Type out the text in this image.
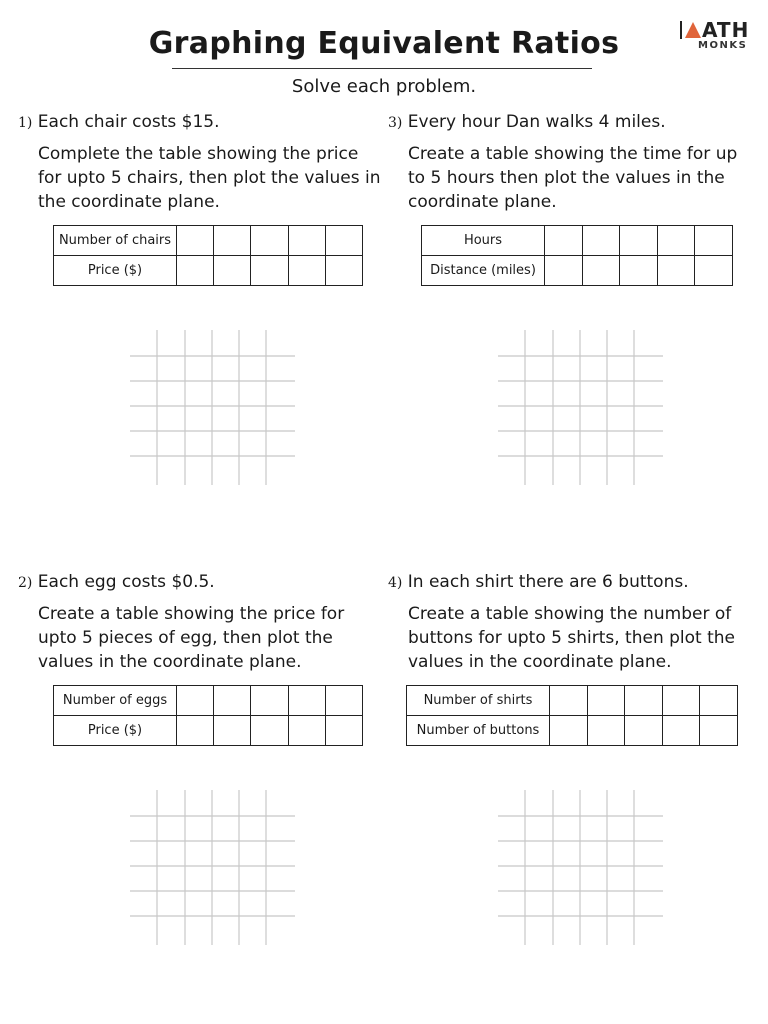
Graphing Equivalent Ratios
Solve each problem.
ATH
MONKS
1) Each chair costs $15.
Complete the table showing the price for upto 5 chairs, then plot the values in the coordinate plane.
Number of chairs					
Price ($)					
3) Every hour Dan walks 4 miles.
Create a table showing the time for up to 5 hours then plot the values in the coordinate plane.
Hours					
Distance (miles)					
2) Each egg costs $0.5.
Create a table showing the price for upto 5 pieces of egg, then plot the values in the coordinate plane.
Number of eggs					
Price ($)					
4) In each shirt there are 6 buttons.
Create a table showing the number of buttons for upto 5 shirts, then plot the values in the coordinate plane.
Number of shirts					
Number of buttons					
